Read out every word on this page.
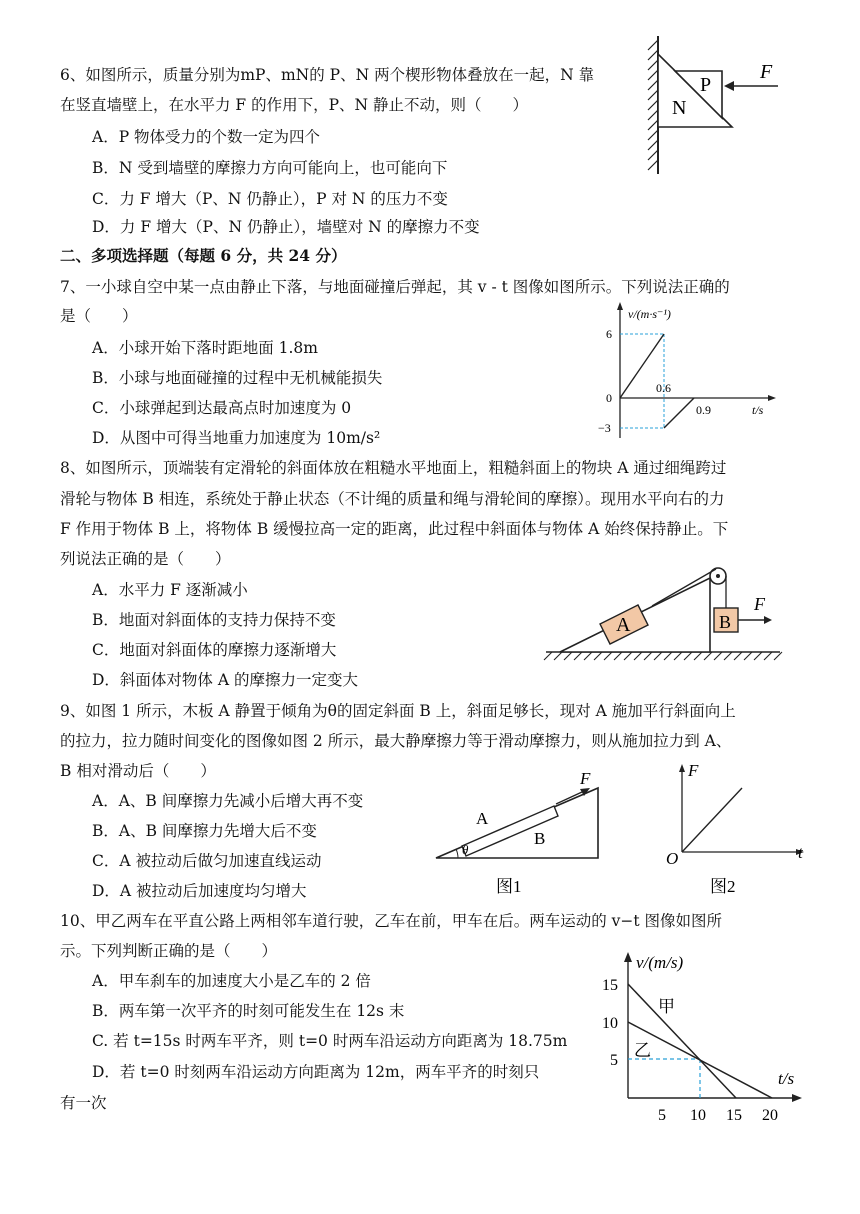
6、如图所示，质量分别为mP、mN的 P、N 两个楔形物体叠放在一起，N 靠
在竖直墙壁上，在水平力 F 的作用下，P、N 静止不动，则（　　）
A．P 物体受力的个数一定为四个
B．N 受到墙壁的摩擦力方向可能向上，也可能向下
C．力 F 增大（P、N 仍静止），P 对 N 的压力不变
D．力 F 增大（P、N 仍静止），墙壁对 N 的摩擦力不变
N
P
F
二、多项选择题（每题 6 分，共 24 分）
7、一小球自空中某一点由静止下落，与地面碰撞后弹起，其 v - t 图像如图所示。下列说法正确的
是（　　）
A．小球开始下落时距地面 1.8m
B．小球与地面碰撞的过程中无机械能损失
C．小球弹起到达最高点时加速度为 0
D．从图中可得当地重力加速度为 10m/s²
v/(m·s⁻¹)
t/s
6
0
−3
0.6
0.9
8、如图所示，顶端装有定滑轮的斜面体放在粗糙水平地面上，粗糙斜面上的物块 A 通过细绳跨过
滑轮与物体 B 相连，系统处于静止状态（不计绳的质量和绳与滑轮间的摩擦）。现用水平向右的力
F 作用于物体 B 上，将物体 B 缓慢拉高一定的距离，此过程中斜面体与物体 A 始终保持静止。下
列说法正确的是（　　）
A．水平力 F 逐渐减小
B．地面对斜面体的支持力保持不变
C．地面对斜面体的摩擦力逐渐增大
D．斜面体对物体 A 的摩擦力一定变大
A	B
F
9、如图 1 所示，木板 A 静置于倾角为θ的固定斜面 B 上，斜面足够长，现对 A 施加平行斜面向上
的拉力，拉力随时间变化的图像如图 2 所示，最大静摩擦力等于滑动摩擦力，则从施加拉力到 A、
B 相对滑动后（　　）
A．A、B 间摩擦力先减小后增大再不变
B．A、B 间摩擦力先增大后不变
C．A 被拉动后做匀加速直线运动
D．A 被拉动后加速度均匀增大
F
A
B
θ
图1
F
O	t
图2
10、甲乙两车在平直公路上两相邻车道行驶，乙车在前，甲车在后。两车运动的 v−t 图像如图所
示。下列判断正确的是（　　）
A．甲车刹车的加速度大小是乙车的 2 倍
B．两车第一次平齐的时刻可能发生在 12s 末
C. 若 t=15s 时两车平齐，则 t=0 时两车沿运动方向距离为 18.75m
D．若 t=0 时刻两车沿运动方向距离为 12m，两车平齐的时刻只
有一次
v/(m/s)
t/s
甲
乙
15
10
5
5 10 15 20
